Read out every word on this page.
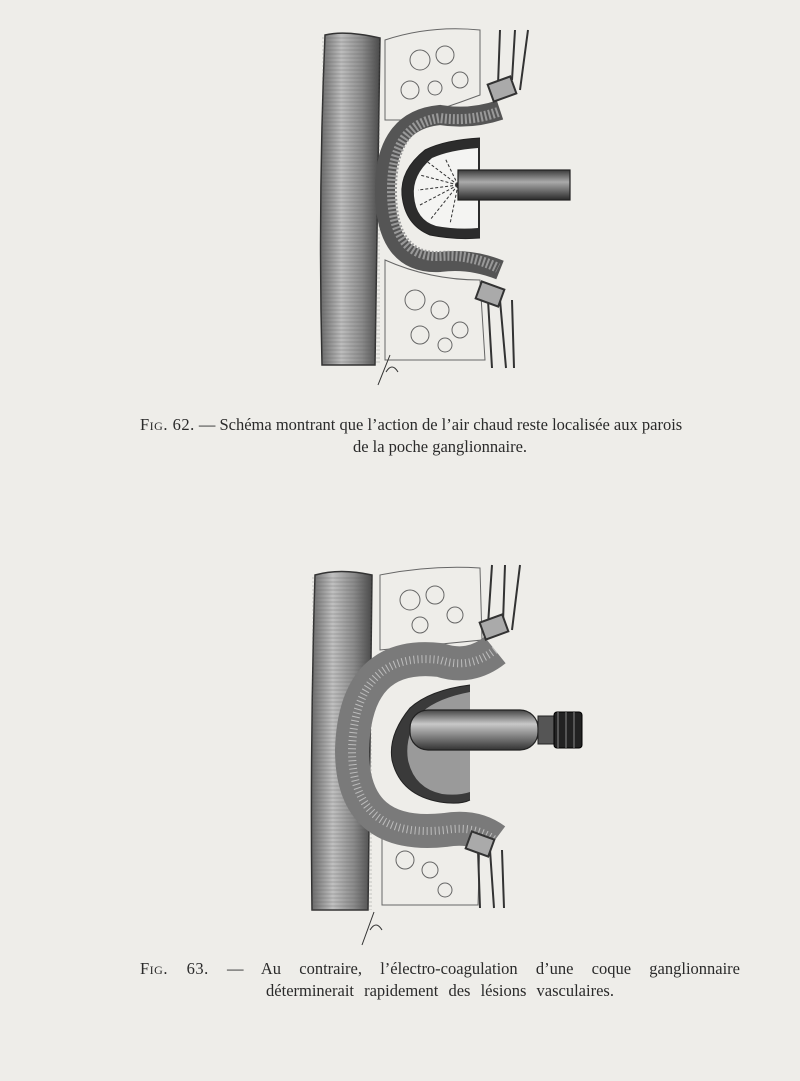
Fig. 62. — Schéma montrant que l’action de l’air chaud reste localisée aux parois
de la poche ganglionnaire.
Fig. 63. — Au contraire, l’électro-coagulation d’une coque ganglionnaire
déterminerait rapidement des lésions vasculaires.
